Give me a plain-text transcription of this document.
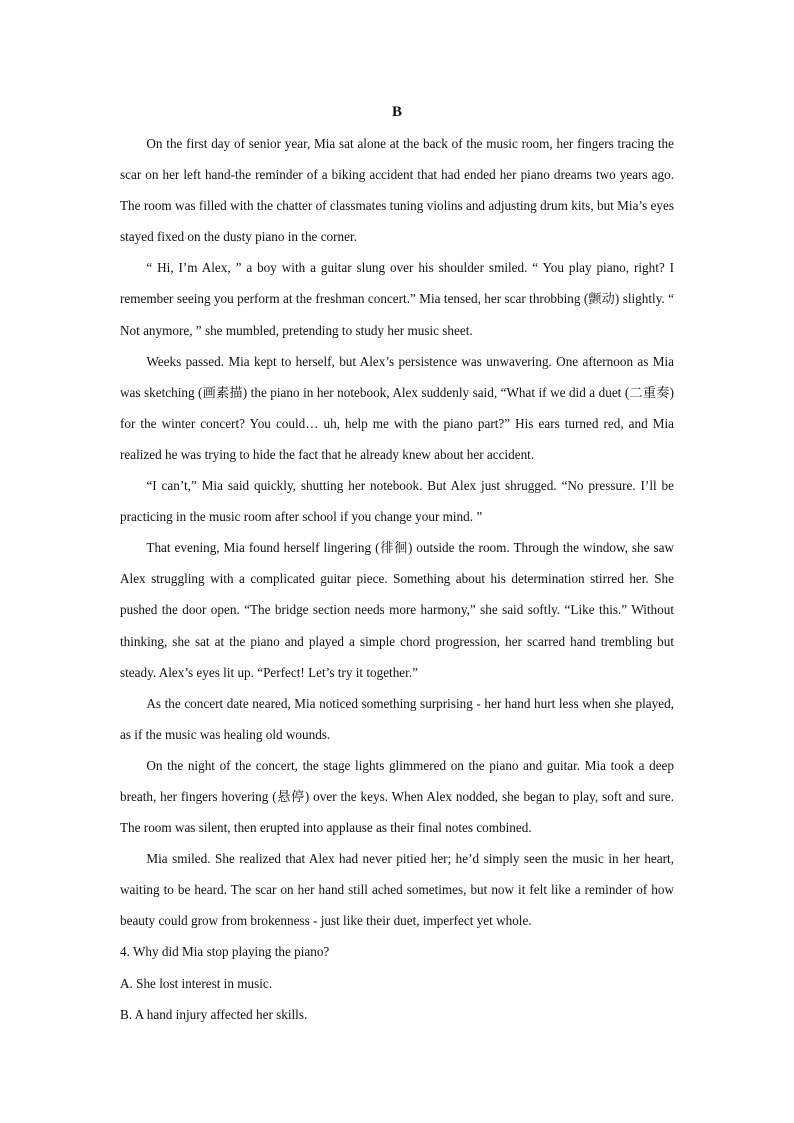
B

On the first day of senior year, Mia sat alone at the back of the music room, her fingers tracing the scar on her left hand-the reminder of a biking accident that had ended her piano dreams two years ago. The room was filled with the chatter of classmates tuning violins and adjusting drum kits, but Mia’s eyes stayed fixed on the dusty piano in the corner.

“ Hi, I’m Alex, ” a boy with a guitar slung over his shoulder smiled. “ You play piano, right? I remember seeing you perform at the freshman concert.” Mia tensed, her scar throbbing (颤动) slightly. “ Not anymore, ” she mumbled, pretending to study her music sheet.

Weeks passed. Mia kept to herself, but Alex’s persistence was unwavering. One afternoon as Mia was sketching (画素描) the piano in her notebook, Alex suddenly said, “What if we did a duet (二重奏) for the winter concert? You could… uh, help me with the piano part?” His ears turned red, and Mia realized he was trying to hide the fact that he already knew about her accident.

“I can’t,” Mia said quickly, shutting her notebook. But Alex just shrugged. “No pressure. I’ll be practicing in the music room after school if you change your mind. ”

That evening, Mia found herself lingering (徘徊) outside the room. Through the window, she saw Alex struggling with a complicated guitar piece. Something about his determination stirred her. She pushed the door open. “The bridge section needs more harmony,” she said softly. “Like this.” Without thinking, she sat at the piano and played a simple chord progression, her scarred hand trembling but steady. Alex’s eyes lit up. “Perfect! Let’s try it together.”

As the concert date neared, Mia noticed something surprising - her hand hurt less when she played, as if the music was healing old wounds.

On the night of the concert, the stage lights glimmered on the piano and guitar. Mia took a deep breath, her fingers hovering (悬停) over the keys. When Alex nodded, she began to play, soft and sure. The room was silent, then erupted into applause as their final notes combined.

Mia smiled. She realized that Alex had never pitied her; he’d simply seen the music in her heart, waiting to be heard. The scar on her hand still ached sometimes, but now it felt like a reminder of how beauty could grow from brokenness - just like their duet, imperfect yet whole.

4. Why did Mia stop playing the piano?

A. She lost interest in music.

B. A hand injury affected her skills.
